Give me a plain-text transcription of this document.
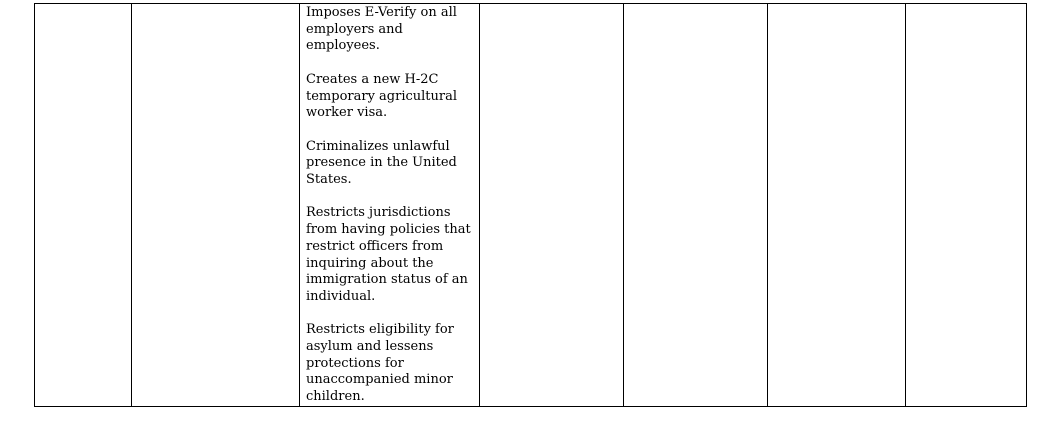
Imposes E-Verify on all employers and employees.

Creates a new H-2C temporary agricultural worker visa.

Criminalizes unlawful presence in the United States.

Restricts jurisdictions from having policies that restrict officers from inquiring about the immigration status of an individual.

Restricts eligibility for asylum and lessens protections for unaccompanied minor children.
